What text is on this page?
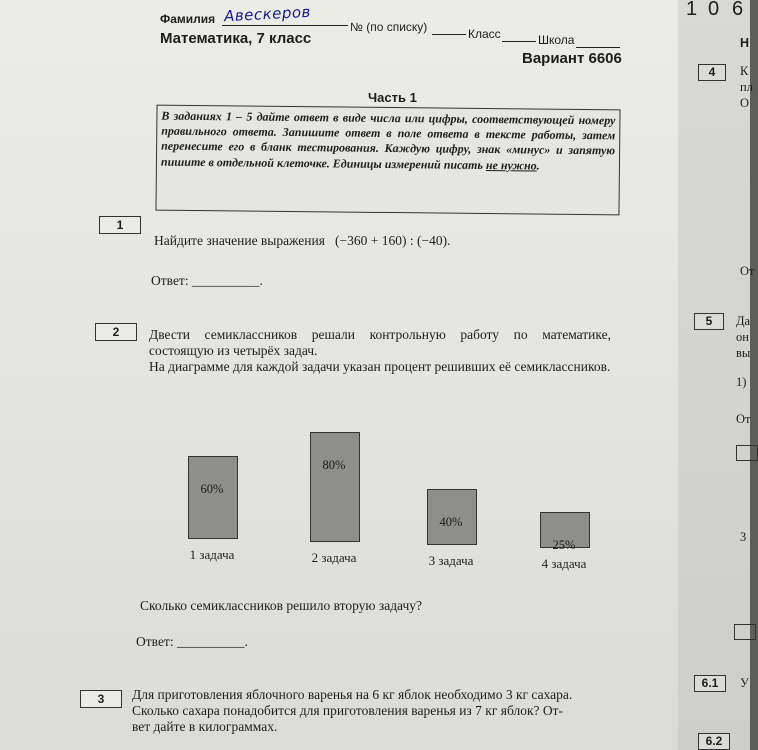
Фамилия Авескеров
№ (по списку)	Класс	Школа
Математика, 7 класс
Вариант 6606
Часть 1
В заданиях 1 – 5 дайте ответ в виде числа или цифры, соответствующей номеру правильного ответа. Запишите ответ в поле ответа в тексте работы, затем перенесите его в бланк тестирования. Каждую цифру, знак «минус» и запятую пишите в отдельной клеточке. Единицы измерений писать не нужно.
1
Найдите значение выражения (−360 + 160) : (−40).
Ответ: __________.
2	Двести семиклассников решали контрольную работу по математике, состоящую из четырёх задач.
На диаграмме для каждой задачи указан процент решивших её семиклассников.
Сколько семиклассников решило вторую задачу?
Ответ: __________.
3	Для приготовления яблочного варенья на 6 кг яблок необходимо 3 кг сахара.
Сколько сахара понадобится для приготовления варенья из 7 кг яблок? От-
вет дайте в килограммах.
60%
1 задача
80%
2 задача
40%
3 задача
25%
4 задача
1 0 6
Н
4	К
пл
О
От
5	Да
он
вы
1)
От
3
6.1	У
6.2
